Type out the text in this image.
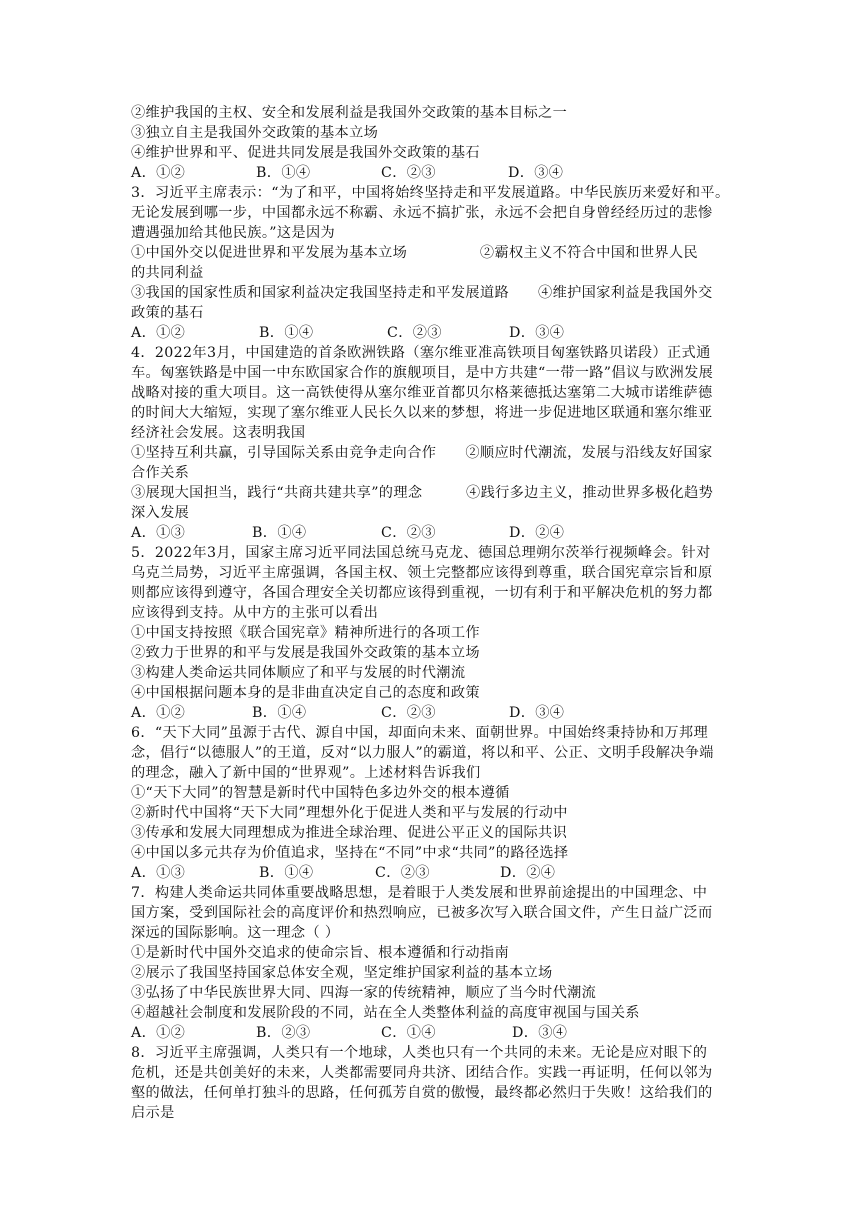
②维护我国的主权、安全和发展利益是我国外交政策的基本目标之一
③独立自主是我国外交政策的基本立场
④维护世界和平、促进共同发展是我国外交政策的基石
A．①②	B．①④	C．②③	D．③④
3．习近平主席表示：“为了和平，中国将始终坚持走和平发展道路。中华民族历来爱好和平。
无论发展到哪一步，中国都永远不称霸、永远不搞扩张，永远不会把自身曾经经历过的悲惨
遭遇强加给其他民族。”这是因为
①中国外交以促进世界和平发展为基本立场　　　　　②霸权主义不符合中国和世界人民
的共同利益
③我国的国家性质和国家利益决定我国坚持走和平发展道路　　④维护国家利益是我国外交
政策的基石
A．①②	B．①④	C．②③	D．③④
4．2022年3月，中国建造的首条欧洲铁路（塞尔维亚准高铁项目匈塞铁路贝诺段）正式通
车。匈塞铁路是中国一中东欧国家合作的旗舰项目，是中方共建“一带一路”倡议与欧洲发展
战略对接的重大项目。这一高铁使得从塞尔维亚首都贝尔格莱德抵达塞第二大城市诺维萨德
的时间大大缩短，实现了塞尔维亚人民长久以来的梦想，将进一步促进地区联通和塞尔维亚
经济社会发展。这表明我国
①坚持互利共赢，引导国际关系由竞争走向合作　　②顺应时代潮流，发展与沿线友好国家
合作关系
③展现大国担当，践行“共商共建共享”的理念　　　④践行多边主义，推动世界多极化趋势
深入发展
A．①③	B．①④	C．②③	D．②④
5．2022年3月，国家主席习近平同法国总统马克龙、德国总理朔尔茨举行视频峰会。针对
乌克兰局势，习近平主席强调，各国主权、领土完整都应该得到尊重，联合国宪章宗旨和原
则都应该得到遵守，各国合理安全关切都应该得到重视，一切有利于和平解决危机的努力都
应该得到支持。从中方的主张可以看出
①中国支持按照《联合国宪章》精神所进行的各项工作
②致力于世界的和平与发展是我国外交政策的基本立场
③构建人类命运共同体顺应了和平与发展的时代潮流
④中国根据问题本身的是非曲直决定自己的态度和政策
A．①②	B．①④	C．②③	D．③④
6．“天下大同”虽源于古代、源自中国，却面向未来、面朝世界。中国始终秉持协和万邦理
念，倡行“以德服人”的王道，反对“以力服人”的霸道，将以和平、公正、文明手段解决争端
的理念，融入了新中国的“世界观”。上述材料告诉我们
①“天下大同”的智慧是新时代中国特色多边外交的根本遵循
②新时代中国将“天下大同”理想外化于促进人类和平与发展的行动中
③传承和发展大同理想成为推进全球治理、促进公平正义的国际共识
④中国以多元共存为价值追求，坚持在“不同”中求“共同”的路径选择
A．①③	B．①④	C．②③	D．②④
7．构建人类命运共同体重要战略思想，是着眼于人类发展和世界前途提出的中国理念、中
国方案，受到国际社会的高度评价和热烈响应，已被多次写入联合国文件，产生日益广泛而
深远的国际影响。这一理念（ ）
①是新时代中国外交追求的使命宗旨、根本遵循和行动指南
②展示了我国坚持国家总体安全观，坚定维护国家利益的基本立场
③弘扬了中华民族世界大同、四海一家的传统精神，顺应了当今时代潮流
④超越社会制度和发展阶段的不同，站在全人类整体利益的高度审视国与国关系
A．①②	B．②③	C．①④	D．③④
8．习近平主席强调，人类只有一个地球，人类也只有一个共同的未来。无论是应对眼下的
危机，还是共创美好的未来，人类都需要同舟共济、团结合作。实践一再证明，任何以邻为
壑的做法，任何单打独斗的思路，任何孤芳自赏的傲慢，最终都必然归于失败！这给我们的
启示是
